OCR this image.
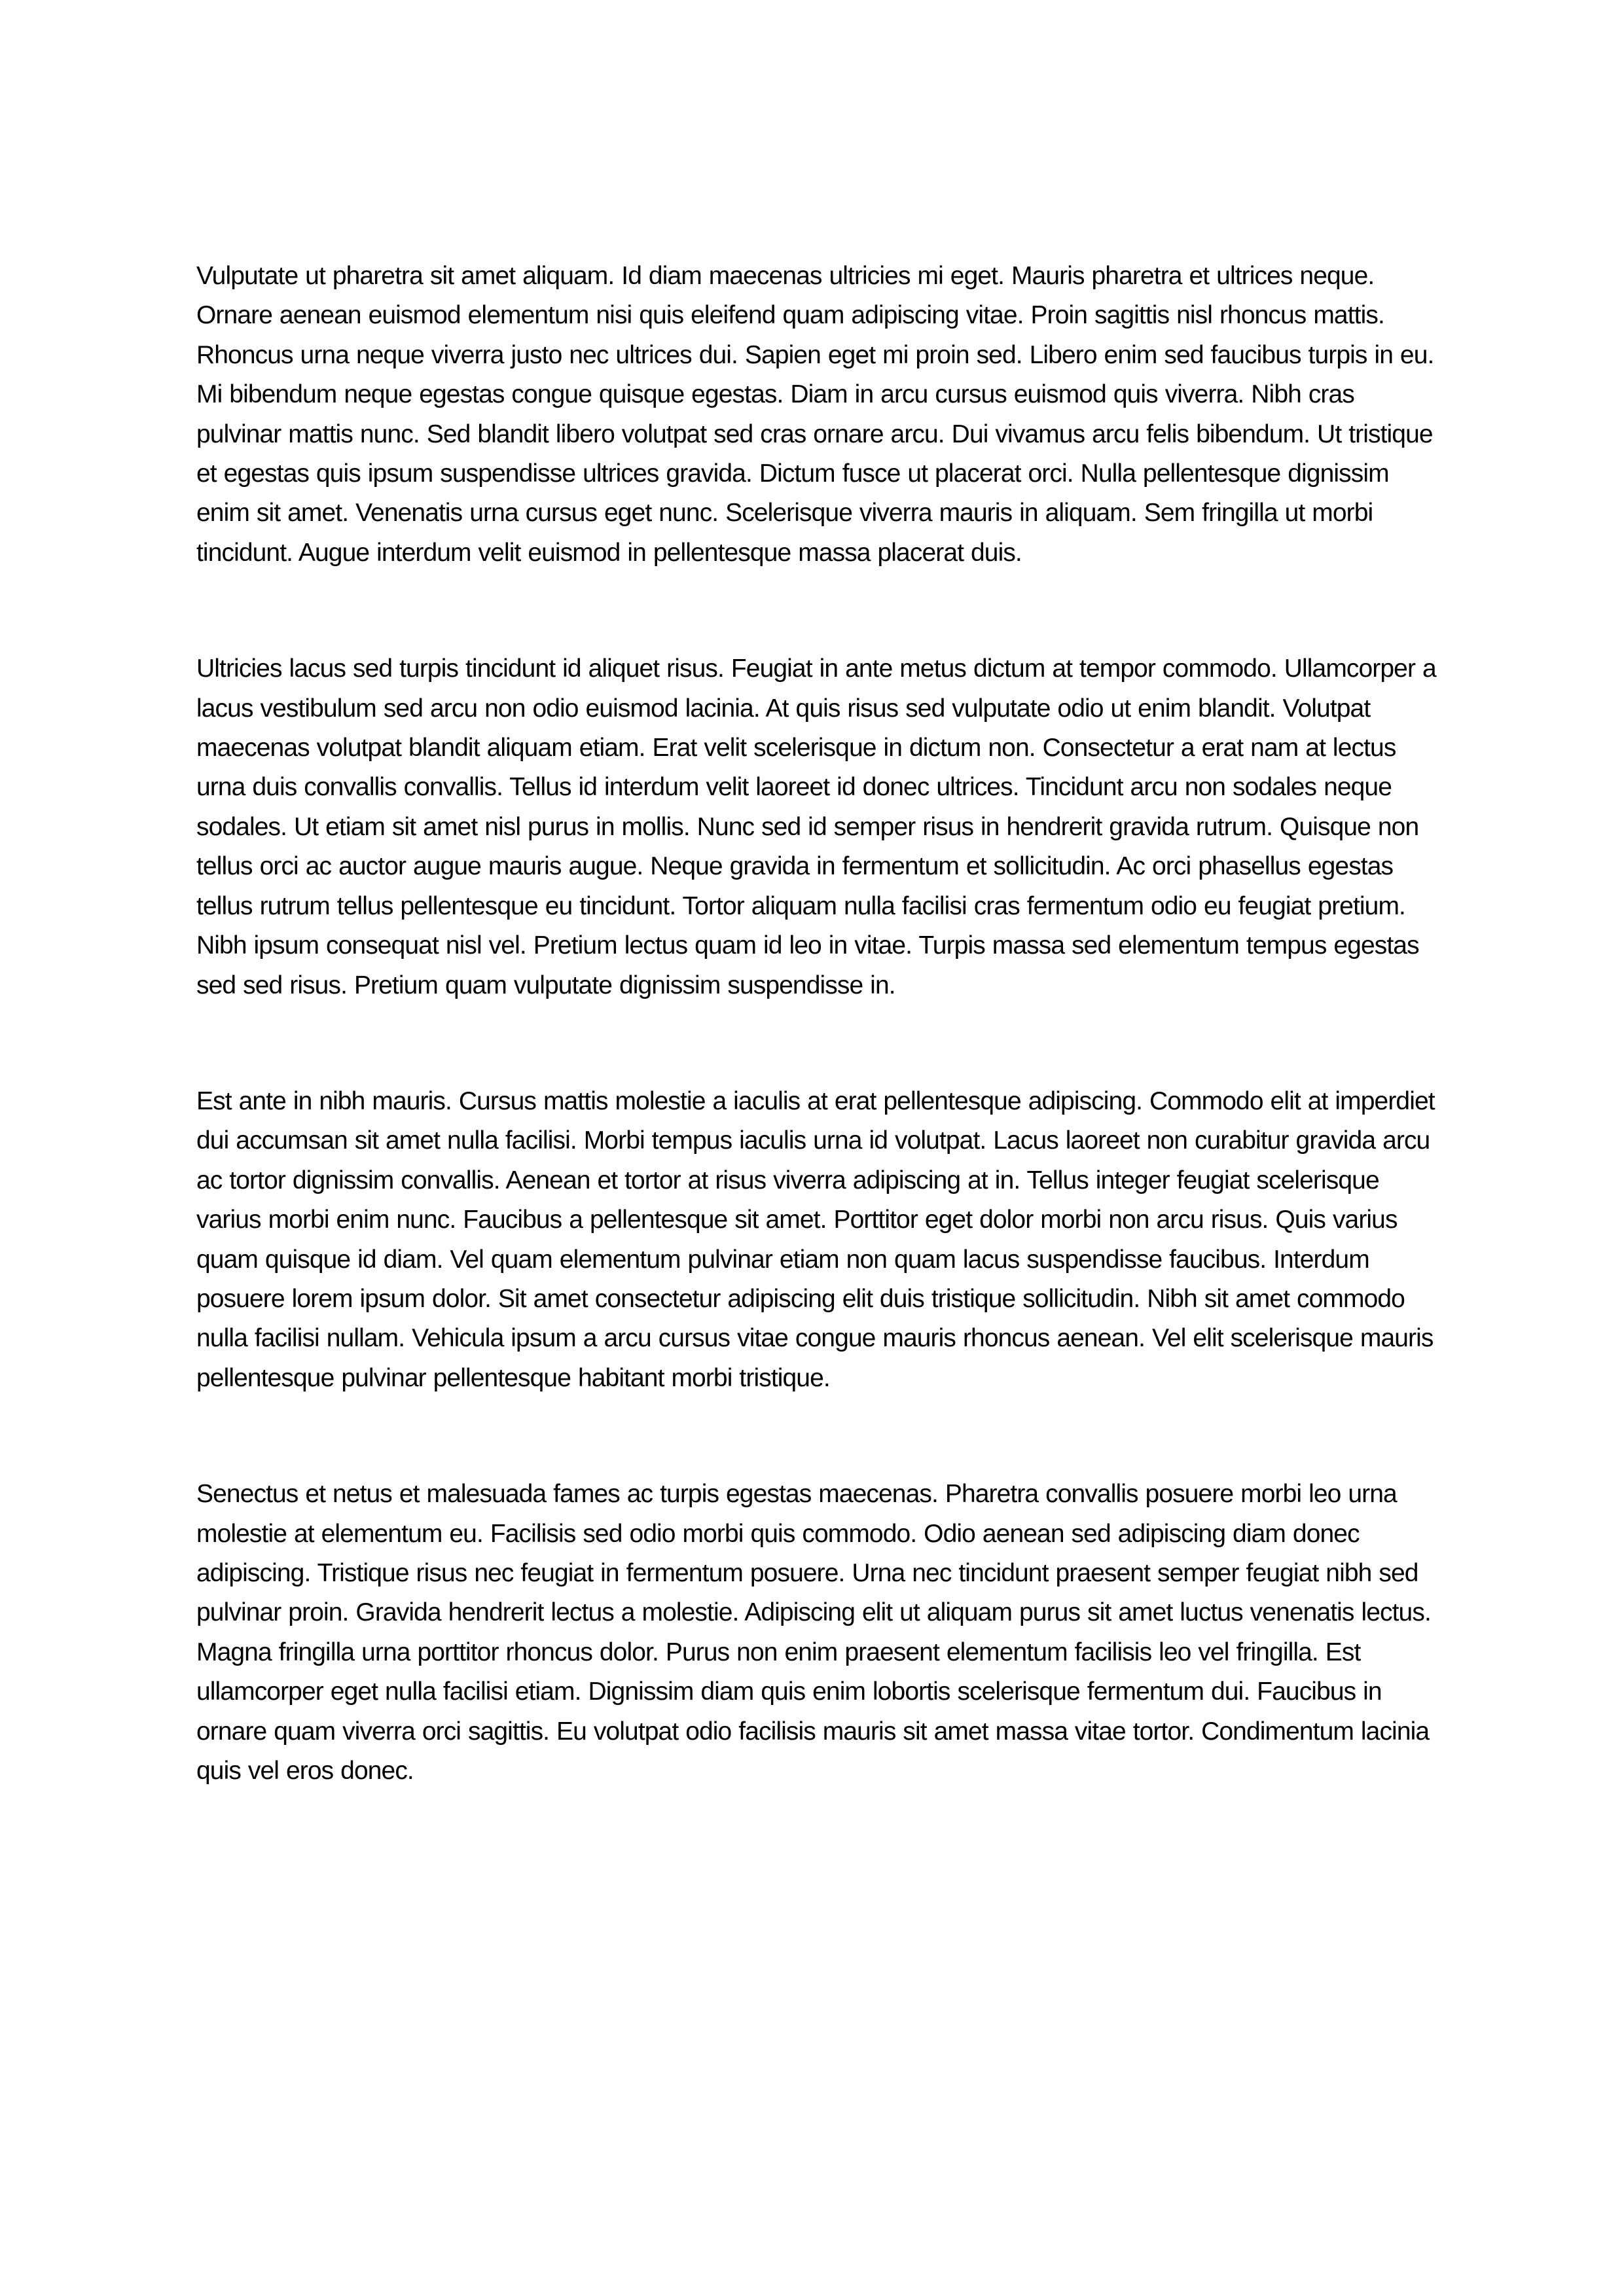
Vulputate ut pharetra sit amet aliquam. Id diam maecenas ultricies mi eget. Mauris pharetra et ultrices neque. Ornare aenean euismod elementum nisi quis eleifend quam adipiscing vitae. Proin sagittis nisl rhoncus mattis. Rhoncus urna neque viverra justo nec ultrices dui. Sapien eget mi proin sed. Libero enim sed faucibus turpis in eu. Mi bibendum neque egestas congue quisque egestas. Diam in arcu cursus euismod quis viverra. Nibh cras pulvinar mattis nunc. Sed blandit libero volutpat sed cras ornare arcu. Dui vivamus arcu felis bibendum. Ut tristique et egestas quis ipsum suspendisse ultrices gravida. Dictum fusce ut placerat orci. Nulla pellentesque dignissim enim sit amet. Venenatis urna cursus eget nunc. Scelerisque viverra mauris in aliquam. Sem fringilla ut morbi tincidunt. Augue interdum velit euismod in pellentesque massa placerat duis.

Ultricies lacus sed turpis tincidunt id aliquet risus. Feugiat in ante metus dictum at tempor commodo. Ullamcorper a lacus vestibulum sed arcu non odio euismod lacinia. At quis risus sed vulputate odio ut enim blandit. Volutpat maecenas volutpat blandit aliquam etiam. Erat velit scelerisque in dictum non. Consectetur a erat nam at lectus urna duis convallis convallis. Tellus id interdum velit laoreet id donec ultrices. Tincidunt arcu non sodales neque sodales. Ut etiam sit amet nisl purus in mollis. Nunc sed id semper risus in hendrerit gravida rutrum. Quisque non tellus orci ac auctor augue mauris augue. Neque gravida in fermentum et sollicitudin. Ac orci phasellus egestas tellus rutrum tellus pellentesque eu tincidunt. Tortor aliquam nulla facilisi cras fermentum odio eu feugiat pretium. Nibh ipsum consequat nisl vel. Pretium lectus quam id leo in vitae. Turpis massa sed elementum tempus egestas sed sed risus. Pretium quam vulputate dignissim suspendisse in.

Est ante in nibh mauris. Cursus mattis molestie a iaculis at erat pellentesque adipiscing. Commodo elit at imperdiet dui accumsan sit amet nulla facilisi. Morbi tempus iaculis urna id volutpat. Lacus laoreet non curabitur gravida arcu ac tortor dignissim convallis. Aenean et tortor at risus viverra adipiscing at in. Tellus integer feugiat scelerisque varius morbi enim nunc. Faucibus a pellentesque sit amet. Porttitor eget dolor morbi non arcu risus. Quis varius quam quisque id diam. Vel quam elementum pulvinar etiam non quam lacus suspendisse faucibus. Interdum posuere lorem ipsum dolor. Sit amet consectetur adipiscing elit duis tristique sollicitudin. Nibh sit amet commodo nulla facilisi nullam. Vehicula ipsum a arcu cursus vitae congue mauris rhoncus aenean. Vel elit scelerisque mauris pellentesque pulvinar pellentesque habitant morbi tristique.

Senectus et netus et malesuada fames ac turpis egestas maecenas. Pharetra convallis posuere morbi leo urna molestie at elementum eu. Facilisis sed odio morbi quis commodo. Odio aenean sed adipiscing diam donec adipiscing. Tristique risus nec feugiat in fermentum posuere. Urna nec tincidunt praesent semper feugiat nibh sed pulvinar proin. Gravida hendrerit lectus a molestie. Adipiscing elit ut aliquam purus sit amet luctus venenatis lectus. Magna fringilla urna porttitor rhoncus dolor. Purus non enim praesent elementum facilisis leo vel fringilla. Est ullamcorper eget nulla facilisi etiam. Dignissim diam quis enim lobortis scelerisque fermentum dui. Faucibus in ornare quam viverra orci sagittis. Eu volutpat odio facilisis mauris sit amet massa vitae tortor. Condimentum lacinia quis vel eros donec.
